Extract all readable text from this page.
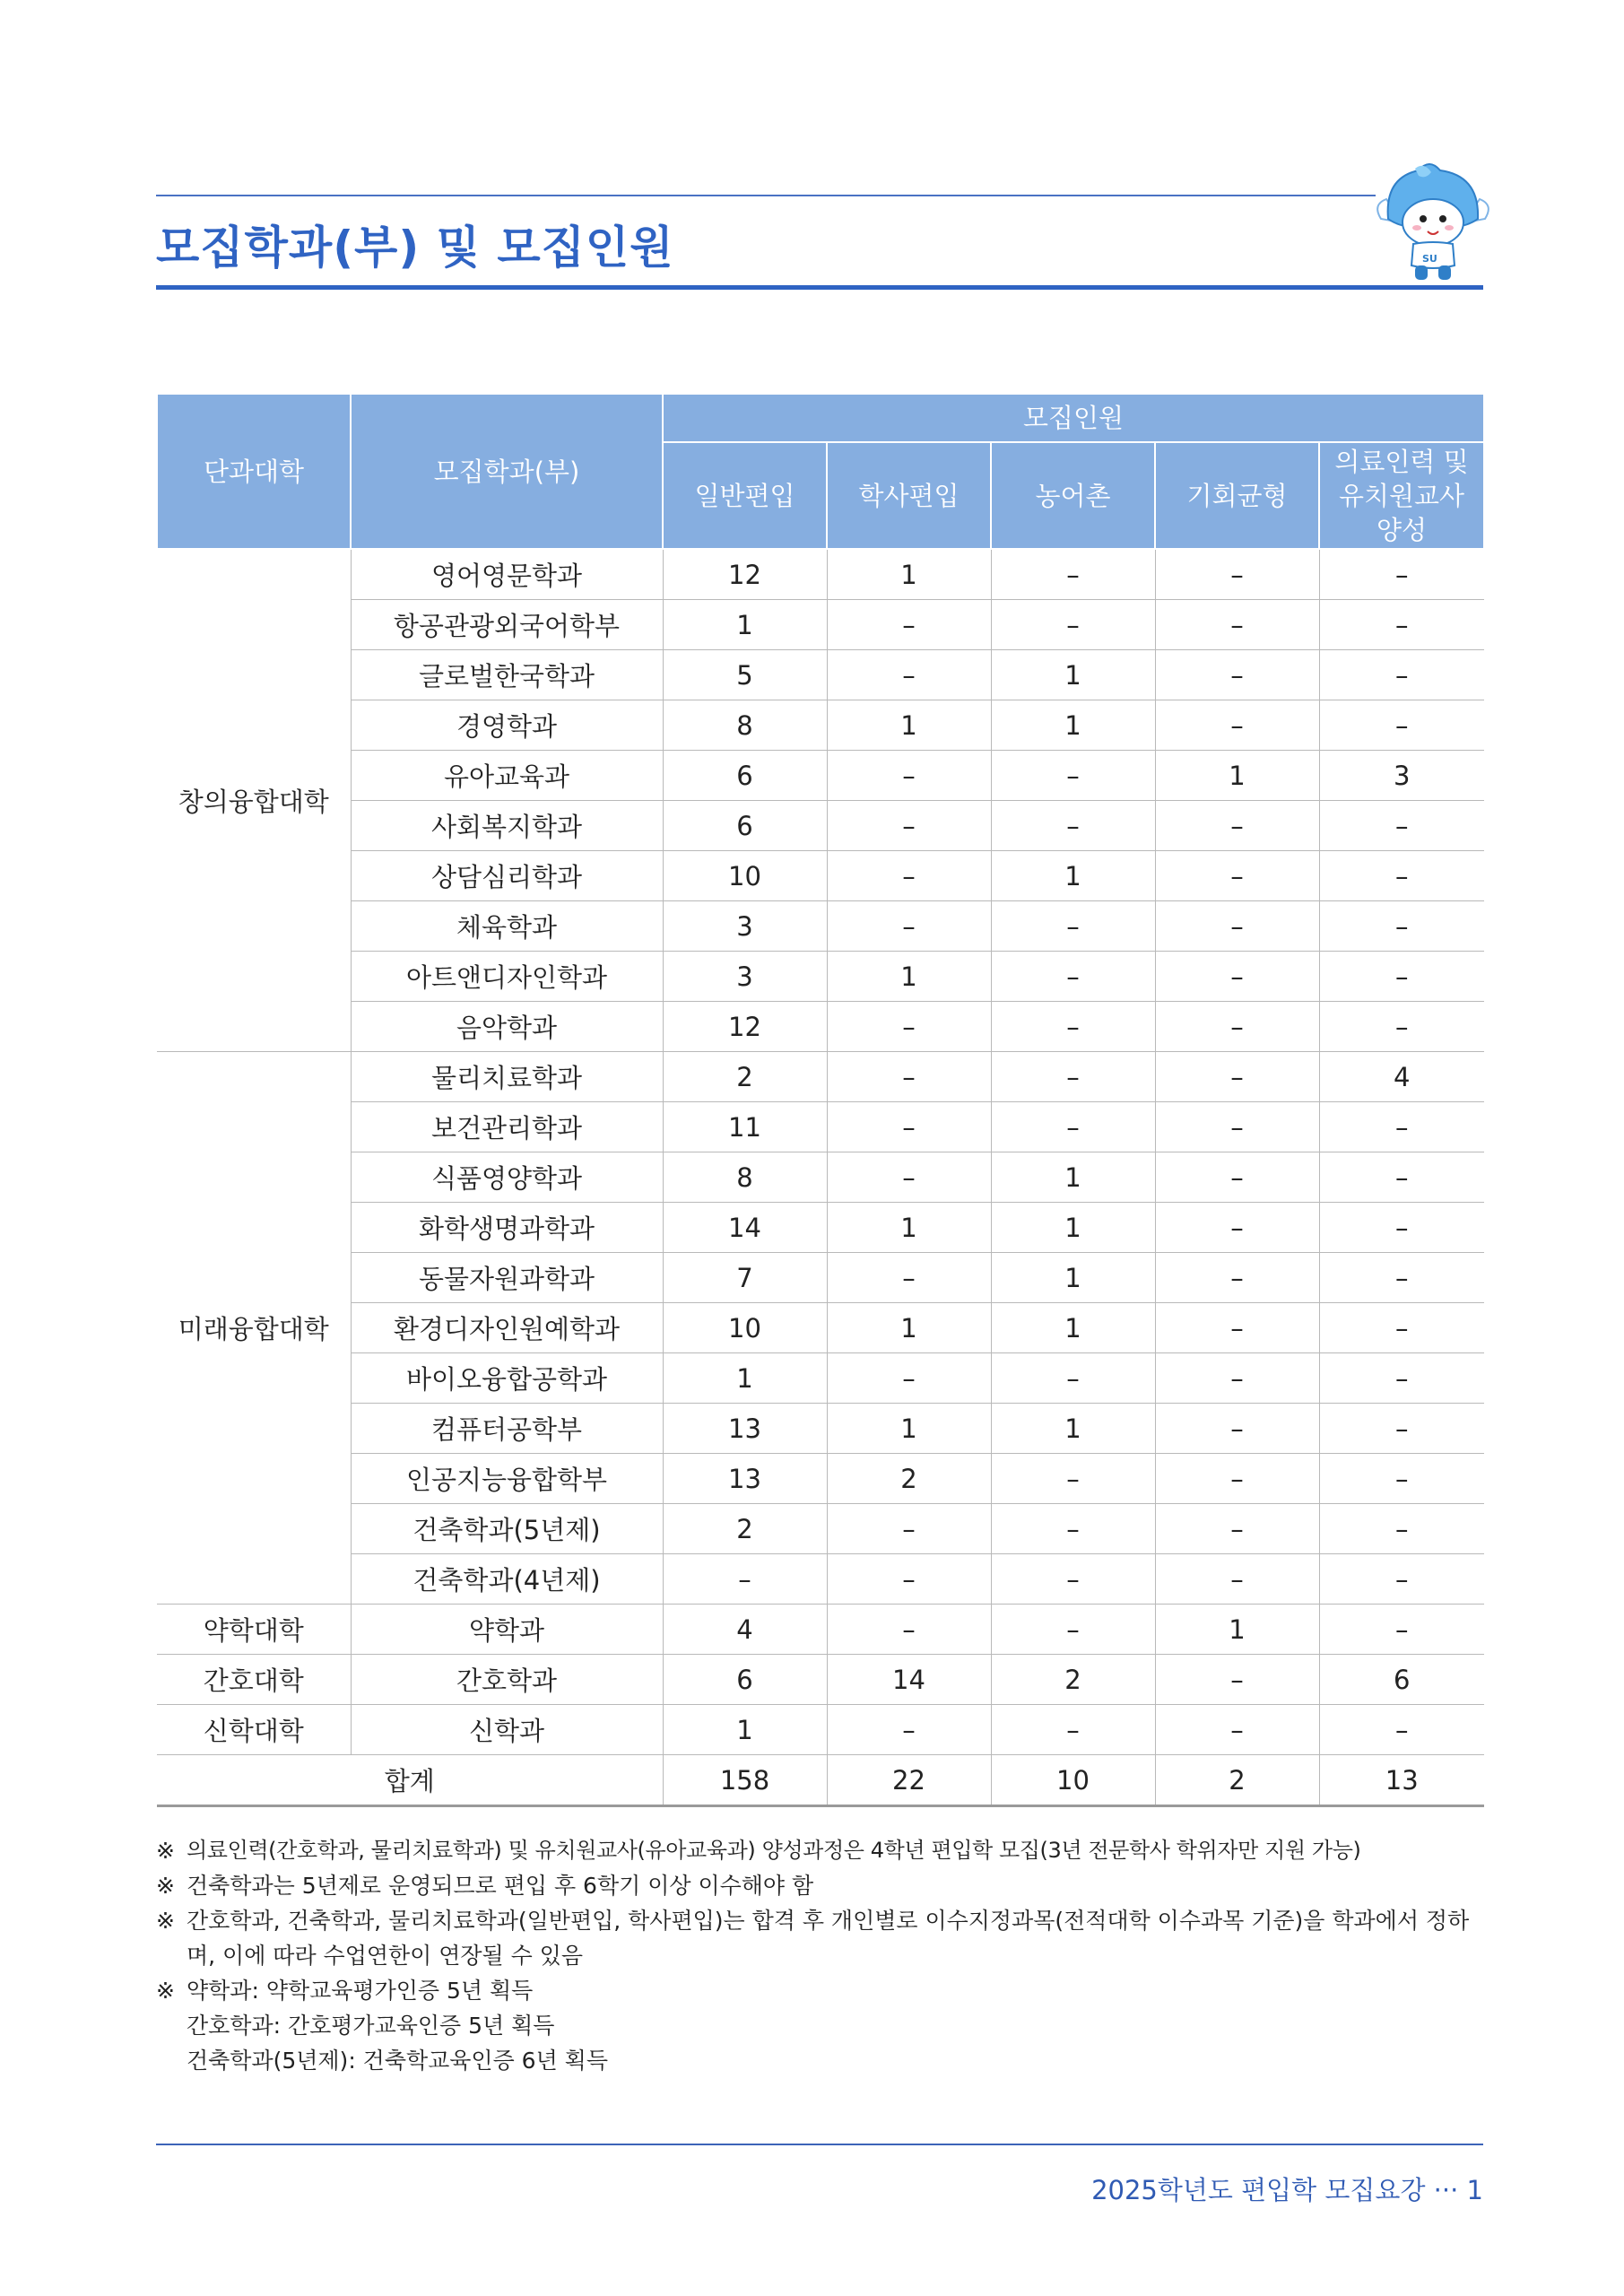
모집학과(부) 및 모집인원	SU
단과대학	모집학과(부)	모집인원				
		일반편입	학사편입	농어촌	기회균형	의료인력 및
유치원교사
양성

창의융합대학	영어영문학과	12	1	–	–	–
	항공관광외국어학부	1	–	–	–	–
	글로벌한국학과	5	–	1	–	–
	경영학과	8	1	1	–	–
	유아교육과	6	–	–	1	3
	사회복지학과	6	–	–	–	–
	상담심리학과	10	–	1	–	–
	체육학과	3	–	–	–	–
	아트앤디자인학과	3	1	–	–	–
	음악학과	12	–	–	–	–
미래융합대학	물리치료학과	2	–	–	–	4
	보건관리학과	11	–	–	–	–
	식품영양학과	8	–	1	–	–
	화학생명과학과	14	1	1	–	–
	동물자원과학과	7	–	1	–	–
	환경디자인원예학과	10	1	1	–	–
	바이오융합공학과	1	–	–	–	–
	컴퓨터공학부	13	1	1	–	–
	인공지능융합학부	13	2	–	–	–
	건축학과(5년제)	2	–	–	–	–
	건축학과(4년제)	–	–	–	–	–
약학대학	약학과	4	–	–	1	–
간호대학	간호학과	6	14	2	–	6
신학대학	신학과	1	–	–	–	–
합계		158	22	10	2	13
※ 의료인력(간호학과, 물리치료학과) 및 유치원교사(유아교육과) 양성과정은 4학년 편입학 모집(3년 전문학사 학위자만 지원 가능)
※ 건축학과는 5년제로 운영되므로 편입 후 6학기 이상 이수해야 함
※ 간호학과, 건축학과, 물리치료학과(일반편입, 학사편입)는 합격 후 개인별로 이수지정과목(전적대학 이수과목 기준)을 학과에서 정하며, 이에 따라 수업연한이 연장될 수 있음
※ 약학과: 약학교육평가인증 5년 획득
간호학과: 간호평가교육인증 5년 획득
건축학과(5년제): 건축학교육인증 6년 획득
2025학년도 편입학 모집요강 ··· 1
